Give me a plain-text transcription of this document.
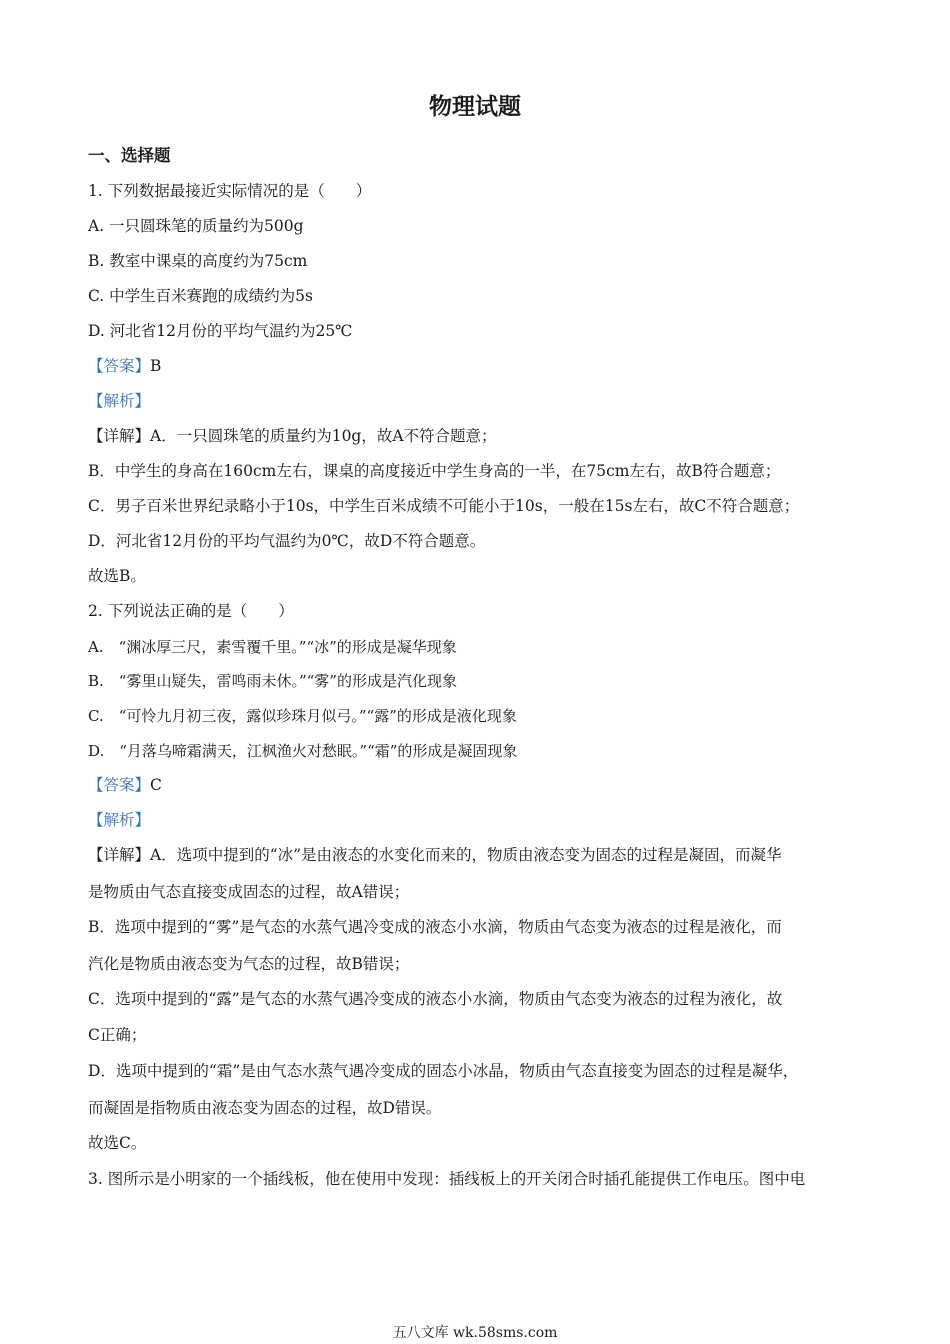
物理试题
一、选择题
1. 下列数据最接近实际情况的是（　　）
A. 一只圆珠笔的质量约为500g
B. 教室中课桌的高度约为75cm
C. 中学生百米赛跑的成绩约为5s
D. 河北省12月份的平均气温约为25℃
【答案】B
【解析】
【详解】A．一只圆珠笔的质量约为10g，故A不符合题意；
B．中学生的身高在160cm左右，课桌的高度接近中学生身高的一半，在75cm左右，故B符合题意；
C．男子百米世界纪录略小于10s，中学生百米成绩不可能小于10s，一般在15s左右，故C不符合题意；
D．河北省12月份的平均气温约为0℃，故D不符合题意。
故选B。
2. 下列说法正确的是（　　）
A.　“渊冰厚三尺，素雪覆千里。”“冰”的形成是凝华现象
B.　“雾里山疑失，雷鸣雨未休。”“雾”的形成是汽化现象
C.　“可怜九月初三夜，露似珍珠月似弓。”“露”的形成是液化现象
D.　“月落乌啼霜满天，江枫渔火对愁眠。”“霜”的形成是凝固现象
【答案】C
【解析】
【详解】A．选项中提到的“冰”是由液态的水变化而来的，物质由液态变为固态的过程是凝固，而凝华
是物质由气态直接变成固态的过程，故A错误；
B．选项中提到的“雾”是气态的水蒸气遇冷变成的液态小水滴，物质由气态变为液态的过程是液化，而
汽化是物质由液态变为气态的过程，故B错误；
C．选项中提到的“露”是气态的水蒸气遇冷变成的液态小水滴，物质由气态变为液态的过程为液化，故
C正确；
D．选项中提到的“霜”是由气态水蒸气遇冷变成的固态小冰晶，物质由气态直接变为固态的过程是凝华，
而凝固是指物质由液态变为固态的过程，故D错误。
故选C。
3. 图所示是小明家的一个插线板，他在使用中发现：插线板上的开关闭合时插孔能提供工作电压。图中电
五八文库 wk.58sms.com
